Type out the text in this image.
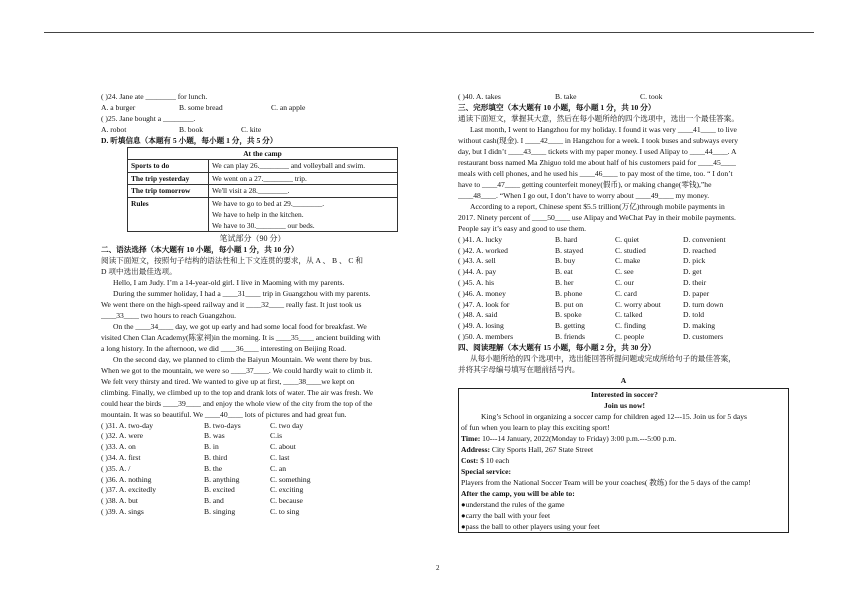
( )24. Jane ate ________ for lunch.
A. a burger	B. some bread	C. an apple
( )25. Jane bought a ________.
A. robot	B. book	C. kite
D. 听填信息（本题有 5 小题，每小题 1 分，共 5 分）
At the camp	
Sports to do	We can play 26.________ and volleyball and swim.
The trip yesterday	We went on a 27.________ trip.
The trip tomorrow	We'll visit a 28.________.
Rules	We have to go to bed at 29.________.
We have to help in the kitchen.
We have to 30.________ our beds.
笔试部分（90 分）
二、语法选择（本大题有 10 小题，每小题 1 分，共 10 分）
阅读下面短文，按照句子结构的语法性和上下文连贯的要求，从 A 、 B 、 C 和
D 项中选出最佳选项。
Hello, I am Judy. I’m a 14-year-old girl. I live in Maoming with my parents.
During the summer holiday, I had a ____31____ trip in Guangzhou with my parents.
We went there on the high-speed railway and it ____32____ really fast. It just took us
____33____ two hours to reach Guangzhou.
On the ____34____ day, we got up early and had some local food for breakfast. We
visited Chen Clan Academy(陈家祠)in the morning. It is ____35____ ancient building with
a long history. In the afternoon, we did ____36____ interesting on Beijing Road.
On the second day, we planned to climb the Baiyun Mountain. We went there by bus.
When we got to the mountain, we were so ____37____. We could hardly wait to climb it.
We felt very thirsty and tired. We wanted to give up at first, ____38____we kept on
climbing. Finally, we climbed up to the top and drank lots of water. The air was fresh. We
could hear the birds ____39____ and enjoy the whole view of the city from the top of the
mountain. It was so beautiful. We ____40____ lots of pictures and had great fun.
( )31. A. two-day	B. two-days	C. two day
( )32. A. were	B. was	C.is
( )33. A. on	B. in	C. about
( )34. A. first	B. third	C. last
( )35. A. /	B. the	C. an
( )36. A. nothing	B. anything	C. something
( )37. A. excitedly	B. excited	C. exciting
( )38. A. but	B. and	C. because
( )39. A. sings	B. singing	C. to sing
( )40. A. takes	B. take	C. took
三、完形填空（本大题有 10 小题，每小题 1 分，共 10 分）
通读下面短文，掌握其大意，然后在每小题所给的四个选项中，选出一个最佳答案。
Last month, I went to Hangzhou for my holiday. I found it was very ____41____ to live
without cash(现金). I ____42____ in Hangzhou for a week. I took buses and subways every
day, but I didn’t ____43____ tickets with my paper money. I used Alipay to ____44____. A
restaurant boss named Ma Zhiguo told me about half of his customers paid for ____45____
meals with cell phones, and he used his ____46____ to pay most of the time, too. “ I don’t
have to ____47____ getting counterfeit money(假币), or making change(零钱),”he
____48____. “When I go out, I don’t have to worry about ____49____ my money.
According to a report, Chinese spent $5.5 trillion(万亿)through mobile payments in
2017. Ninety percent of ____50____ use Alipay and WeChat Pay in their mobile payments.
People say it’s easy and good to use them.
( )41. A. lucky	B. hard	C. quiet	D. convenient
( )42. A. worked	B. stayed	C. studied	D. reached
( )43. A. sell	B. buy	C. make	D. pick
( )44. A. pay	B. eat	C. see	D. get
( )45. A. his	B. her	C. our	D. their
( )46. A. money	B. phone	C. card	D. paper
( )47. A. look for	B. put on	C. worry about	D. turn down
( )48. A. said	B. spoke	C. talked	D. told
( )49. A. losing	B. getting	C. finding	D. making
( )50. A. members	B. friends	C. people	D. customers
四、阅读理解（本大题有 15 小题，每小题 2 分，共 30 分）
从每小题所给的四个选项中，选出能回答所提问题或完成所给句子的最佳答案，
并将其字母编号填写在题前括号内。
A
Interested in soccer?
Join us now!
King’s School in organizing a soccer camp for children aged 12---15. Join us for 5 days
of fun when you learn to play this exciting sport!
Time: 10---14 January, 2022(Monday to Friday) 3:00 p.m.---5:00 p.m.
Address: City Sports Hall, 267 State Street
Cost: $ 10 each
Special service:
Players from the National Soccer Team will be your coaches( 教练) for the 5 days of the camp!
After the camp, you will be able to:
●understand the rules of the game
●carry the ball with your feet
●pass the ball to other players using your feet
2
